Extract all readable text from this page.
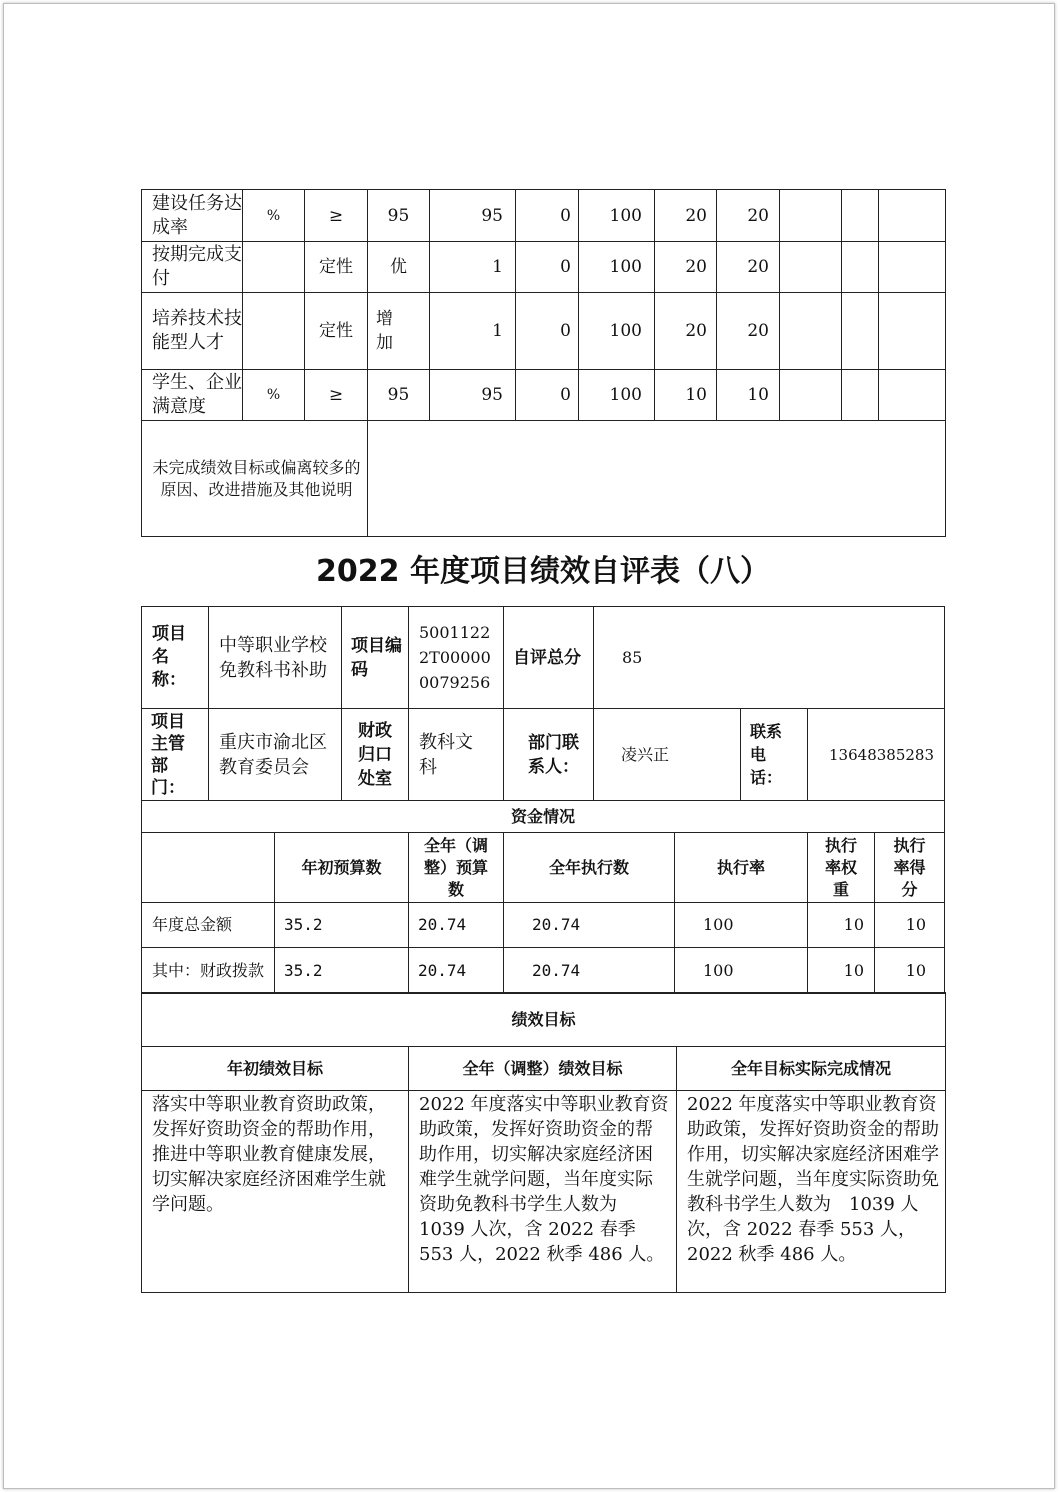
建设任务达成率	%	≥	95	95	0	100	20	20			
按期完成支付		定性	优	1	0	100	20	20			
培养技术技能型人才		定性	增加	1	0	100	20	20			
学生、企业满意度	%	≥	95	95	0	100	10	10			
未完成绩效目标或偏离较多的原因、改进措施及其他说明											
2022 年度项目绩效自评表（八）
项目名称：	中等职业学校免教科书补助	项目编码	50011222T000000079256	自评总分	85		
项目主管部门：	重庆市渝北区教育委员会	财政归口处室	教科文科	部门联系人：	凌兴正	联系电话：	13648385283
资金情况						
	年初预算数	全年（调整）预算数	全年执行数	执行率	执行率权重	执行率得分
年度总金额	35.2	20.74	20.74	100	10	10
其中：财政拨款	35.2	20.74	20.74	100	10	10
绩效目标		
年初绩效目标	全年（调整）绩效目标	全年目标实际完成情况
落实中等职业教育资助政策，发挥好资助资金的帮助作用，推进中等职业教育健康发展，切实解决家庭经济困难学生就学问题。	2022 年度落实中等职业教育资助政策，发挥好资助资金的帮助作用，切实解决家庭经济困难学生就学问题，当年度实际资助免教科书学生人数为　1039 人次，含 2022 春季 553 人，2022 秋季 486 人。	2022 年度落实中等职业教育资助政策，发挥好资助资金的帮助作用，切实解决家庭经济困难学生就学问题，当年度实际资助免教科书学生人数为　1039 人次，含 2022 春季 553 人，2022 秋季 486 人。
